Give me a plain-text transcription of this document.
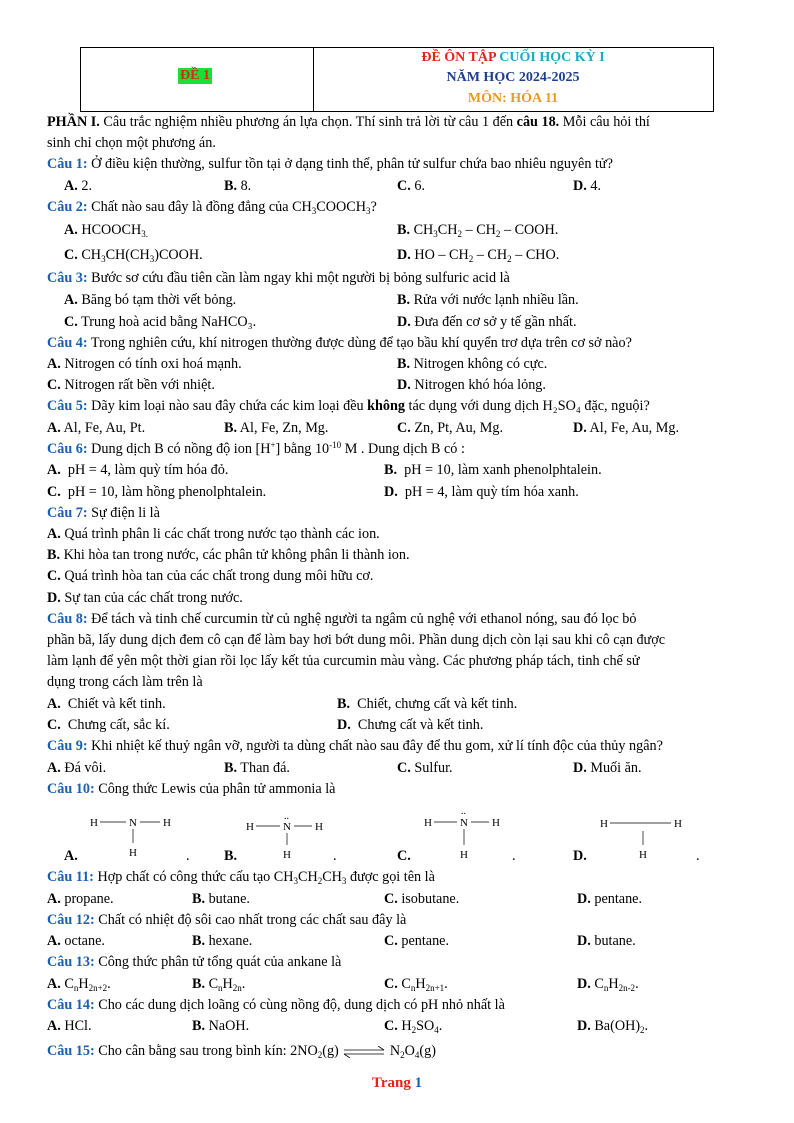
ĐỀ 1
ĐỀ ÔN TẬP CUỐI HỌC KỲ I
NĂM HỌC 2024-2025
MÔN: HÓA 11
PHẦN I. Câu trắc nghiệm nhiều phương án lựa chọn. Thí sinh trả lời từ câu 1 đến câu 18. Mỗi câu hỏi thí
sinh chỉ chọn một phương án.
Câu 1: Ở điều kiện thường, sulfur tồn tại ở dạng tinh thể, phân tử sulfur chứa bao nhiêu nguyên tử?
A. 2.	B. 8.	C. 6.	D. 4.
Câu 2: Chất nào sau đây là đồng đẳng của $CH_3COOCH_3$?
A. $HCOOCH_{3.}$	B. $CH_3CH_2 - CH_2$ – COOH.
C. $CH_3CH(CH_3)COOH$.	D. HO – $CH_2 - CH_2$ – CHO.
Câu 3: Bước sơ cứu đầu tiên cần làm ngay khi một người bị bỏng sulfuric acid là
A. Băng bó tạm thời vết bỏng.	B. Rửa với nước lạnh nhiều lần.
C. Trung hoà acid bằng NaHCO₃.	D. Đưa đến cơ sở y tế gần nhất.
Câu 4: Trong nghiên cứu, khí nitrogen thường được dùng để tạo bầu khí quyển trơ dựa trên cơ sở nào?
A. Nitrogen có tính oxi hoá mạnh.	B. Nitrogen không có cực.
C. Nitrogen rất bền với nhiệt.	D. Nitrogen khó hóa lỏng.
Câu 5: Dãy kim loại nào sau đây chứa các kim loại đều không tác dụng với dung dịch H₂SO₄ đặc, nguội?
A. Al, Fe, Au, Pt.	B. Al, Fe, Zn, Mg.	C. Zn, Pt, Au, Mg.	D. Al, Fe, Au, Mg.
Câu 6: Dung dịch B có nồng độ ion [H+] bằng $10^{-10}$ M . Dung dịch B có :
A.  pH = 4, làm quỳ tím hóa đỏ.	B.  pH = 10, làm xanh phenolphtalein.
C.  pH = 10, làm hồng phenolphtalein.	D.  pH = 4, làm quỳ tím hóa xanh.
Câu 7: Sự điện li là
A. Quá trình phân li các chất trong nước tạo thành các ion.
B. Khi hòa tan trong nước, các phân tử không phân li thành ion.
C. Quá trình hòa tan của các chất trong dung môi hữu cơ.
D. Sự tan của các chất trong nước.
Câu 8: Để tách và tinh chế curcumin từ củ nghệ người ta ngâm củ nghệ với ethanol nóng, sau đó lọc bỏ
phần bã, lấy dung dịch đem cô cạn để làm bay hơi bớt dung môi. Phần dung dịch còn lại sau khi cô cạn được
làm lạnh để yên một thời gian rồi lọc lấy kết tủa curcumin màu vàng. Các phương pháp tách, tinh chế sử
dụng trong cách làm trên là
A.  Chiết và kết tinh.	B.  Chiết, chưng cất và kết tinh.
C.  Chưng cất, sắc kí.	D.  Chưng cất và kết tinh.
Câu 9: Khi nhiệt kế thuỷ ngân vỡ, người ta dùng chất nào sau đây để thu gom, xử lí tính độc của thủy ngân?
A. Đá vôi.	B. Than đá.	C. Sulfur.	D. Muối ăn.
Câu 10: Công thức Lewis của phân tử ammonia là
H	N H
H
H	N H
..
H
H	N H
..
H
H	H
H
A.	. B.	.	C.	.	D.	.
Câu 11: Hợp chất có công thức cấu tạo $CH_3CH_2CH_3$ được gọi tên là
A. propane.	B. butane.	C. isobutane.	D. pentane.
Câu 12: Chất có nhiệt độ sôi cao nhất trong các chất sau đây là
A. octane.	B. hexane.	C. pentane.	D. butane.
Câu 13: Công thức phân tử tổng quát của ankane là
A. $C_nH_{2n+2}$.	B. $C_nH_{2n}$.	C. $C_nH_{2n+1}$.	D. $C_nH_{2n-2}$.
Câu 14: Cho các dung dịch loãng có cùng nồng độ, dung dịch có pH nhỏ nhất là
A. HCl.	B. NaOH.	C. $H_2SO_4$.	D. $Ba(OH)_2$.
Câu 15: Cho cân bằng sau trong bình kín: $2NO_2(g)$ ⇌ $N_2O_4(g)$
Trang 1
